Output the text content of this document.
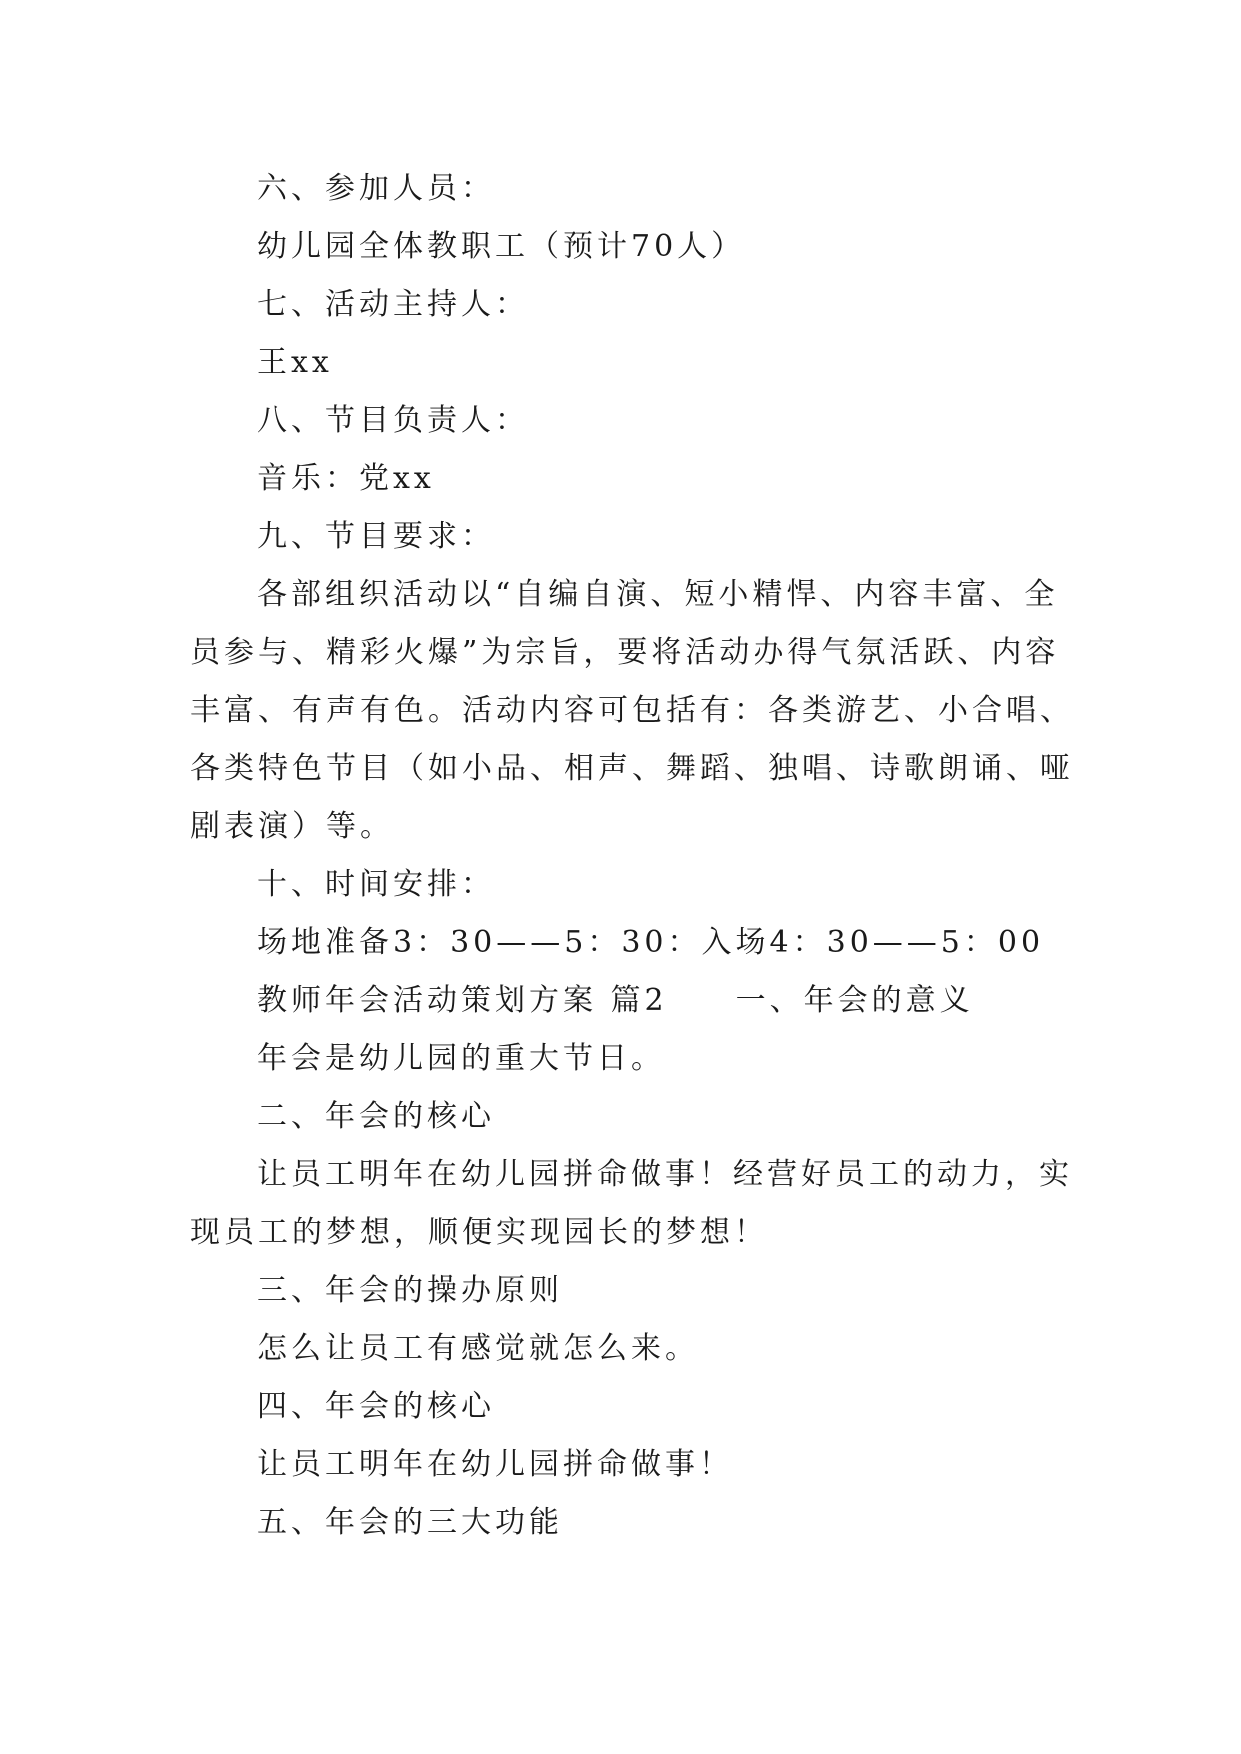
六、参加人员：

幼儿园全体教职工（预计70人）

七、活动主持人：

王xx

八、节目负责人：

音乐：党xx

九、节目要求：

各部组织活动以“自编自演、短小精悍、内容丰富、全

员参与、精彩火爆”为宗旨，要将活动办得气氛活跃、内容

丰富、有声有色。活动内容可包括有：各类游艺、小合唱、

各类特色节目（如小品、相声、舞蹈、独唱、诗歌朗诵、哑

剧表演）等。

十、时间安排：

场地准备3：30——5：30：入场4：30——5：00

教师年会活动策划方案 篇2　　一、年会的意义

年会是幼儿园的重大节日。

二、年会的核心

让员工明年在幼儿园拼命做事！经营好员工的动力，实

现员工的梦想，顺便实现园长的梦想！

三、年会的操办原则

怎么让员工有感觉就怎么来。

四、年会的核心

让员工明年在幼儿园拼命做事！

五、年会的三大功能
